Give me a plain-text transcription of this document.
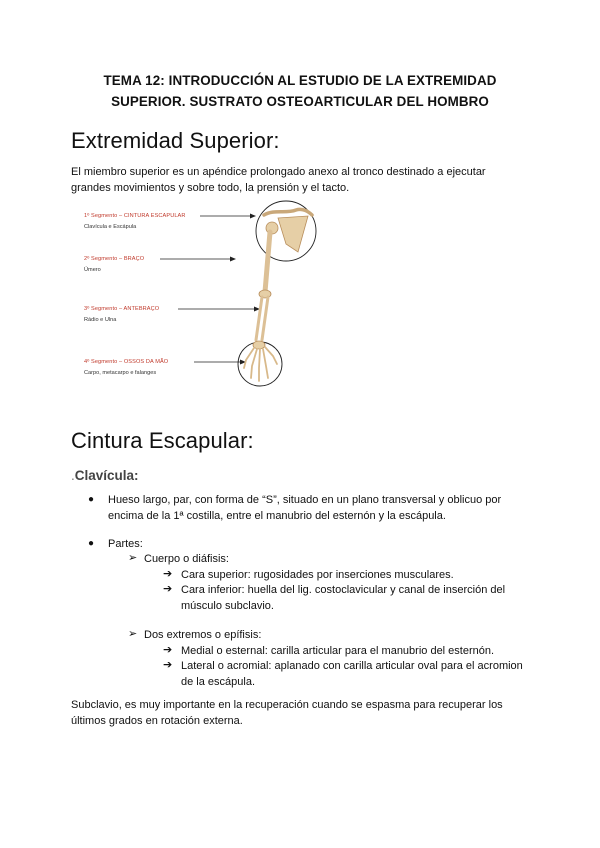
TEMA 12: INTRODUCCIÓN AL ESTUDIO DE LA EXTREMIDAD
SUPERIOR. SUSTRATO OSTEOARTICULAR DEL HOMBRO
Extremidad Superior:
El miembro superior es un apéndice prolongado anexo al tronco destinado a ejecutar
grandes movimientos y sobre todo, la prensión y el tacto.
1º Segmento – CINTURA ESCAPULAR
Clavícula e Escápula
2º Segmento – BRAÇO
Úmero
3º Segmento – ANTEBRAÇO
Rádio e Ulna
4º Segmento – OSSOS DA MÃO
Carpo, metacarpo e falanges
Cintura Escapular:
.Clavícula:
● Hueso largo, par, con forma de “S”, situado en un plano transversal y oblicuo por
encima de la 1ª costilla, entre el manubrio del esternón y la escápula.
● Partes:
➢ Cuerpo o diáfisis:
➔ Cara superior: rugosidades por inserciones musculares.
➔ Cara inferior: huella del lig. costoclavicular y canal de inserción del
músculo subclavio.
➢ Dos extremos o epífisis:
➔ Medial o esternal: carilla articular para el manubrio del esternón.
➔ Lateral o acromial: aplanado con carilla articular oval para el acromion
de la escápula.
Subclavio, es muy importante en la recuperación cuando se espasma para recuperar los
últimos grados en rotación externa.
